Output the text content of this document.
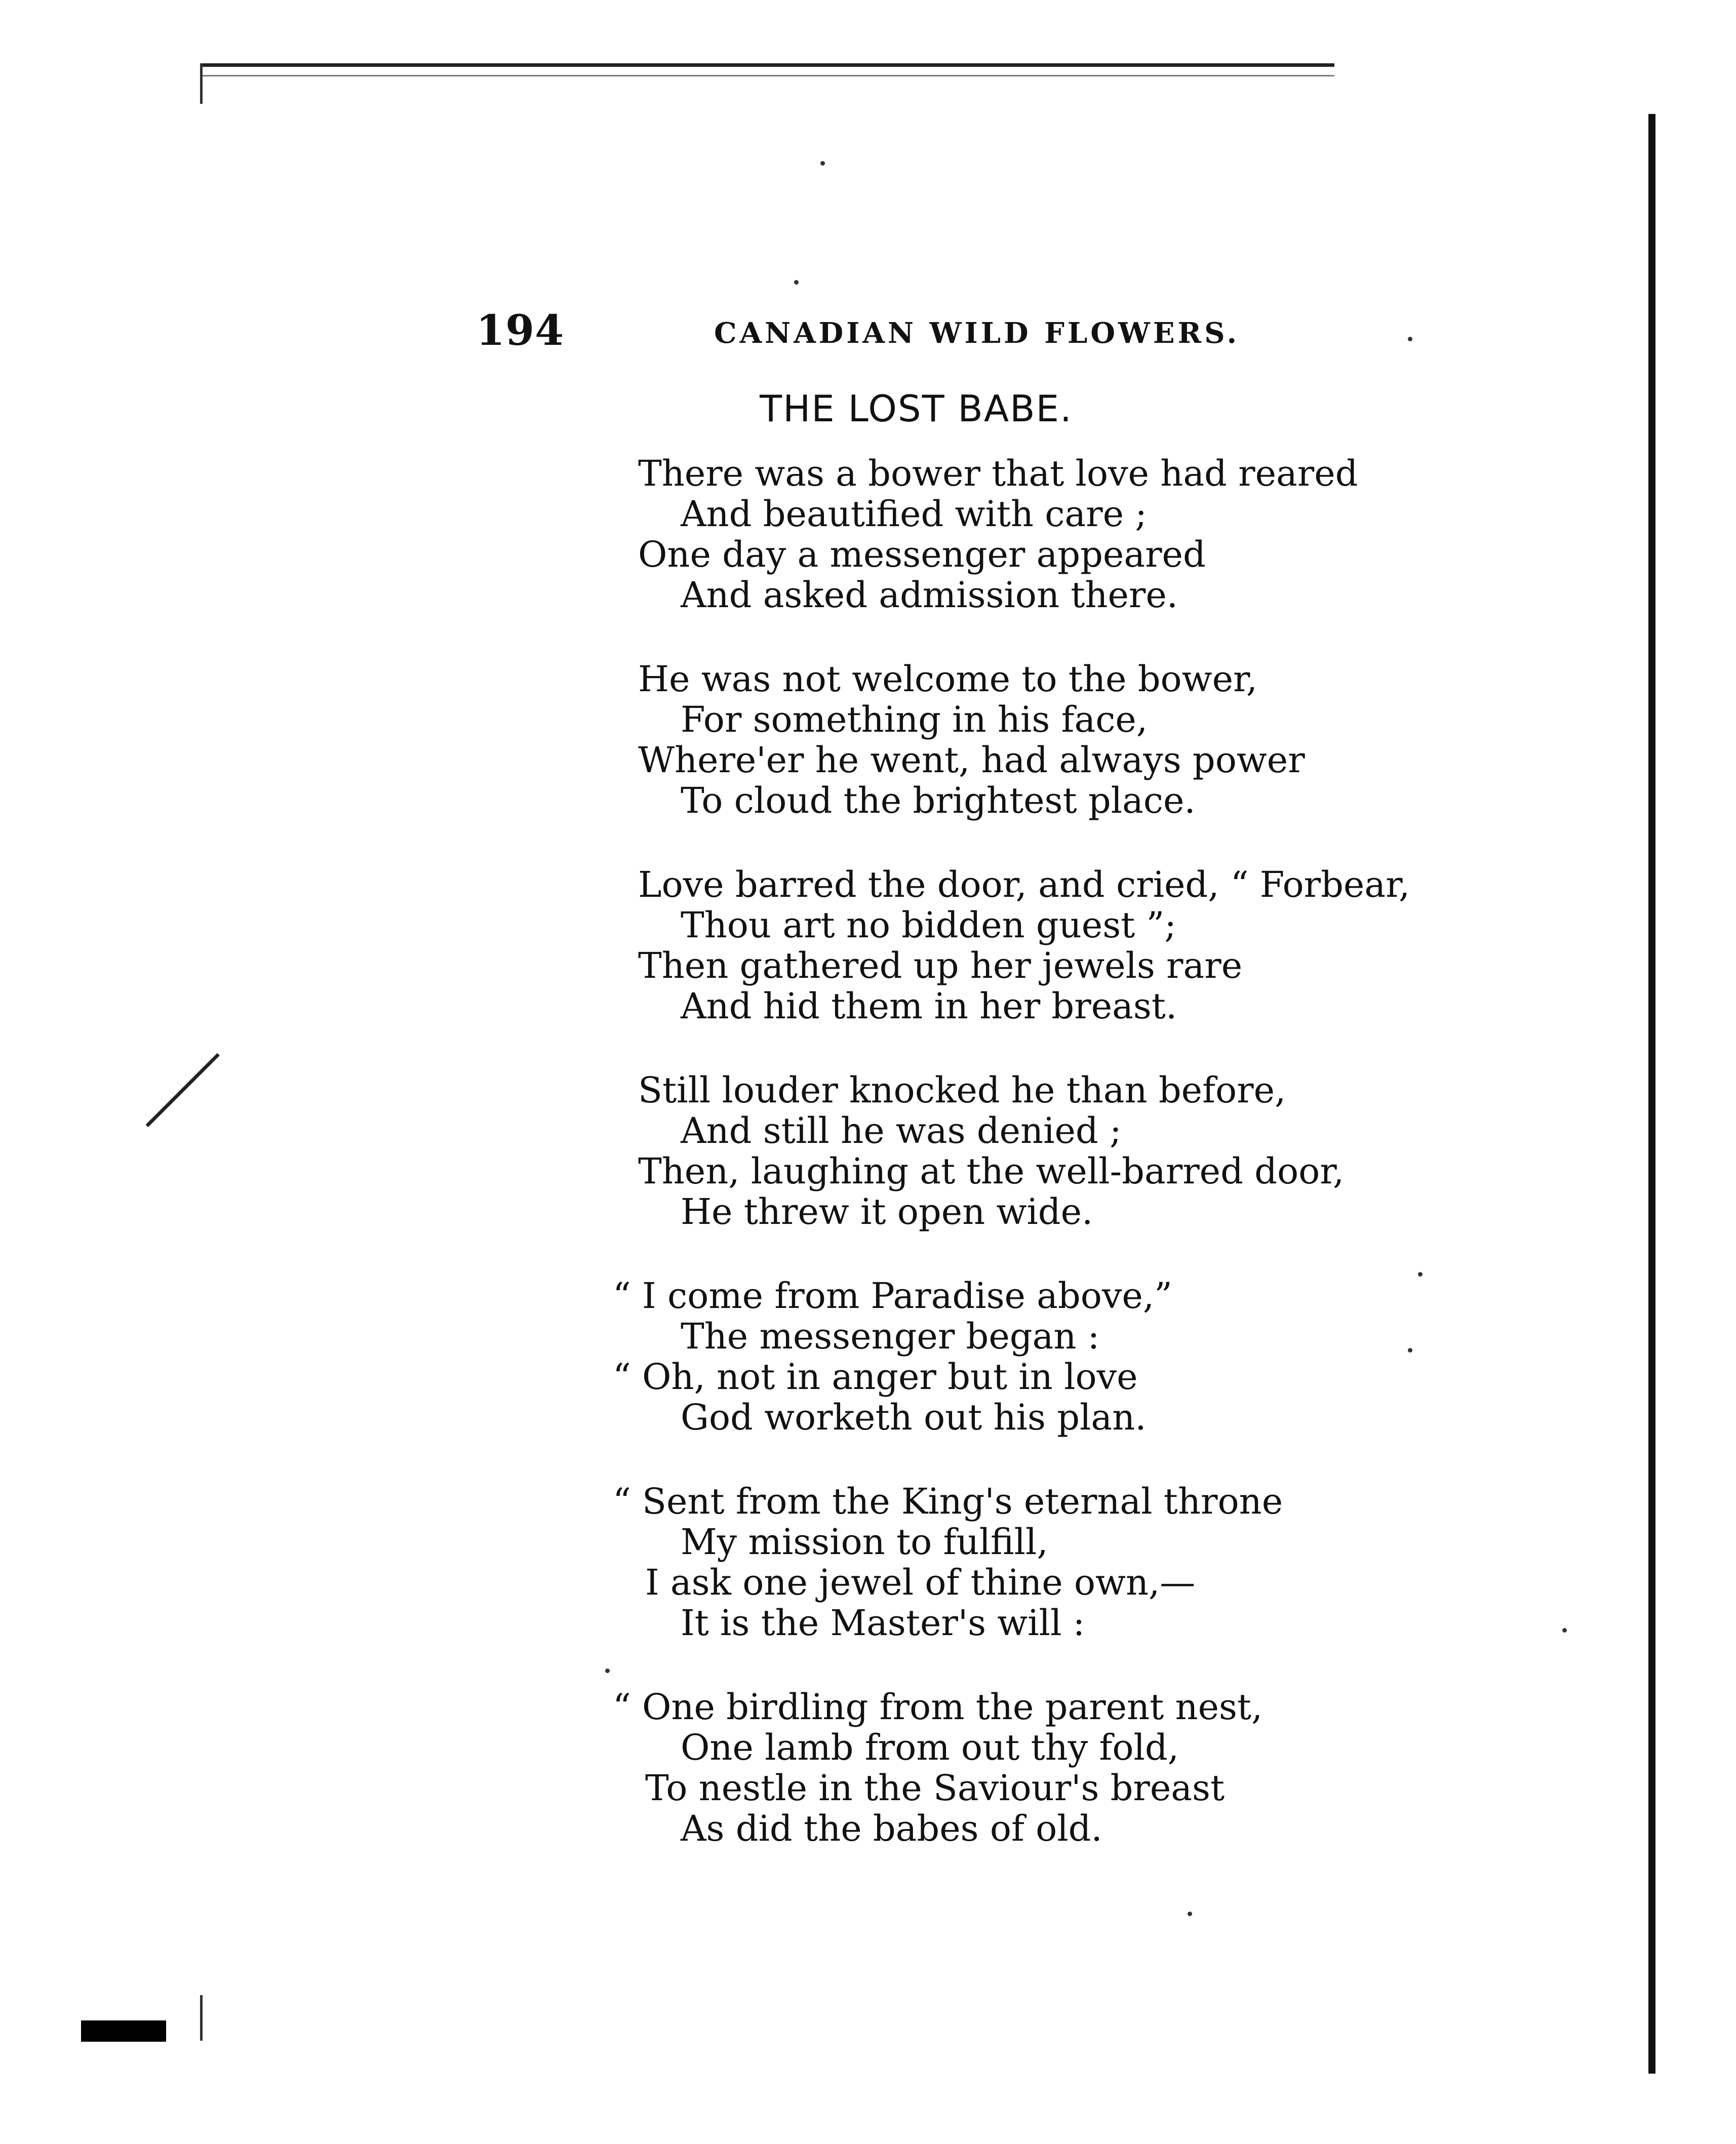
194	CANADIAN WILD FLOWERS.
THE LOST BABE.
There was a bower that love had reared
And beautified with care ;
One day a messenger appeared
And asked admission there.
He was not welcome to the bower,
For something in his face,
Where'er he went, had always power
To cloud the brightest place.
Love barred the door, and cried, “ Forbear,
Thou art no bidden guest ”;
Then gathered up her jewels rare
And hid them in her breast.
Still louder knocked he than before,
And still he was denied ;
Then, laughing at the well-barred door,
He threw it open wide.
“ I come from Paradise above,”
The messenger began :
“ Oh, not in anger but in love
God worketh out his plan.
“ Sent from the King's eternal throne
My mission to fulfill,
I ask one jewel of thine own,—
It is the Master's will :
“ One birdling from the parent nest,
One lamb from out thy fold,
To nestle in the Saviour's breast
As did the babes of old.
